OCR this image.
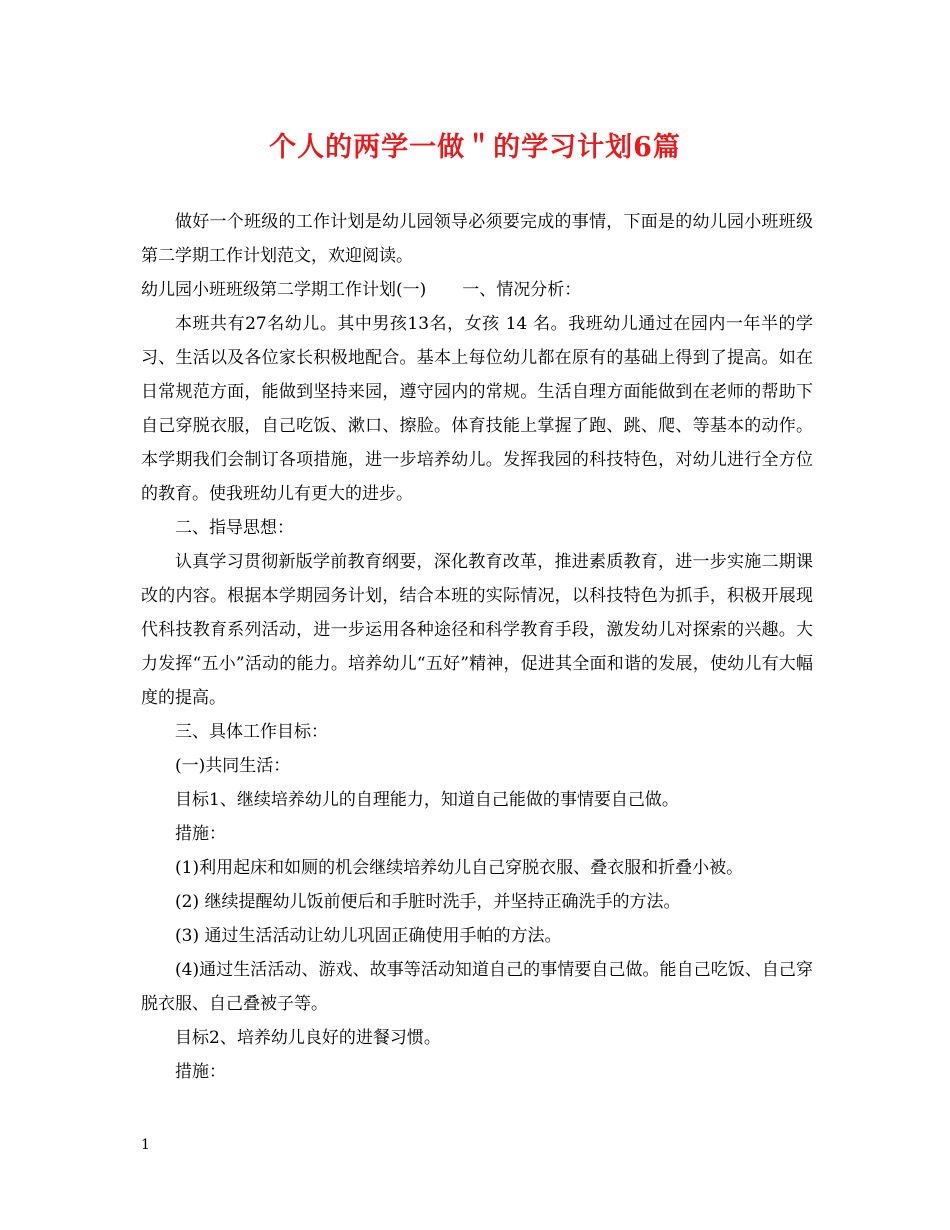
个人的两学一做＂的学习计划6篇

做好一个班级的工作计划是幼儿园领导必须要完成的事情，下面是的幼儿园小班班级第二学期工作计划范文，欢迎阅读。

幼儿园小班班级第二学期工作计划(一) 一、情况分析：

本班共有27名幼儿。其中男孩13名，女孩 14 名。我班幼儿通过在园内一年半的学习、生活以及各位家长积极地配合。基本上每位幼儿都在原有的基础上得到了提高。如在日常规范方面，能做到坚持来园，遵守园内的常规。生活自理方面能做到在老师的帮助下自己穿脱衣服，自己吃饭、漱口、擦脸。体育技能上掌握了跑、跳、爬、等基本的动作。本学期我们会制订各项措施，进一步培养幼儿。发挥我园的科技特色，对幼儿进行全方位的教育。使我班幼儿有更大的进步。

二、指导思想：

认真学习贯彻新版学前教育纲要，深化教育改革，推进素质教育，进一步实施二期课改的内容。根据本学期园务计划，结合本班的实际情况，以科技特色为抓手，积极开展现代科技教育系列活动，进一步运用各种途径和科学教育手段，激发幼儿对探索的兴趣。大力发挥“五小”活动的能力。培养幼儿“五好”精神，促进其全面和谐的发展，使幼儿有大幅度的提高。

三、具体工作目标：

(一)共同生活：

目标1、继续培养幼儿的自理能力，知道自己能做的事情要自己做。

措施：

(1)利用起床和如厕的机会继续培养幼儿自己穿脱衣服、叠衣服和折叠小被。

(2) 继续提醒幼儿饭前便后和手脏时洗手，并坚持正确洗手的方法。

(3) 通过生活活动让幼儿巩固正确使用手帕的方法。

(4)通过生活活动、游戏、故事等活动知道自己的事情要自己做。能自己吃饭、自己穿脱衣服、自己叠被子等。

目标2、培养幼儿良好的进餐习惯。

措施：

1
